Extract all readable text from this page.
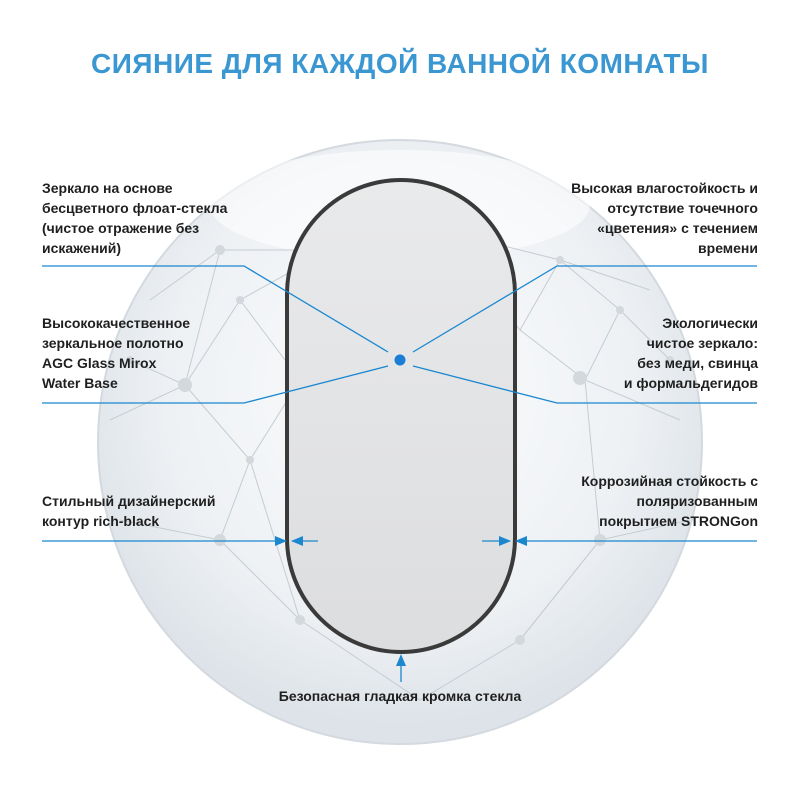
СИЯНИЕ ДЛЯ КАЖДОЙ ВАННОЙ КОМНАТЫ
Зеркало на основе
бесцветного флоат-стекла
(чистое отражение без
искажений)
Высокая влагостойкость и
отсутствие точечного
«цветения» с течением
времени
Высококачественное
зеркальное полотно
AGC Glass Mirox
Water Base
Экологически
чистое зеркало:
без меди, свинца
и формальдегидов
Стильный дизайнерский
контур rich-black
Коррозийная стойкость с
поляризованным
покрытием STRONGon
Безопасная гладкая кромка стекла
